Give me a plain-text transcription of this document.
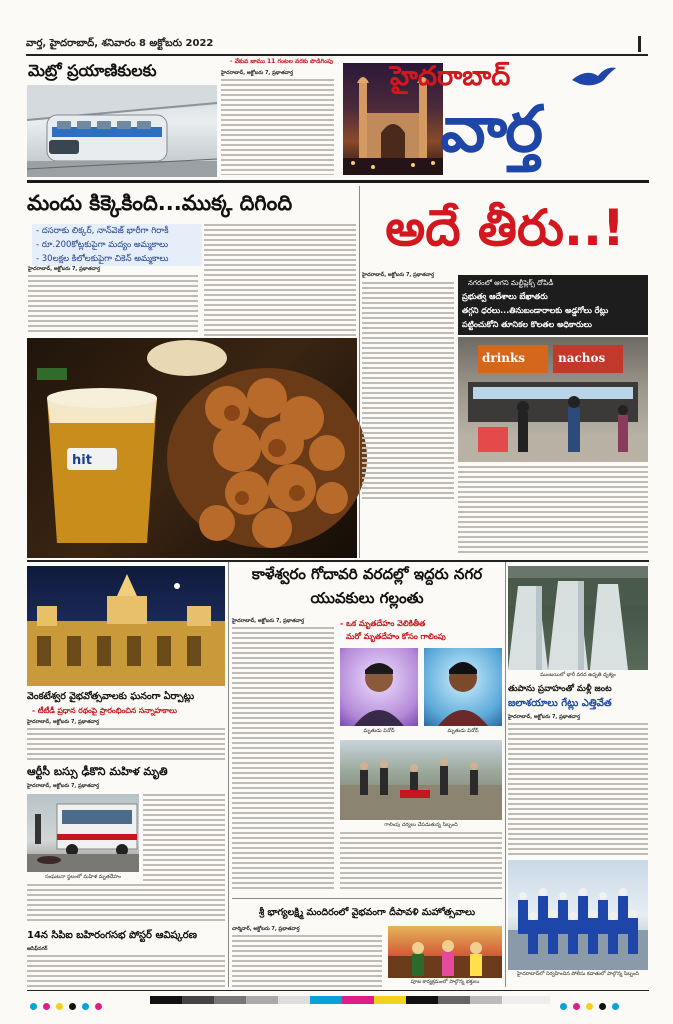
వార్త, హైదరాబాద్, శనివారం 8 అక్టోబరు 2022
మెట్రో ప్రయాణికులకు	- వేకువ జాము 11 గంటల వరకు పొడిగింపు
హైదరాబాద్, అక్టోబరు 7, ప్రభాతవార్త	హైదరాబాద్
వార్త
మందు కిక్కెకింది...ముక్క దిగింది
- దసరాకు లిక్కర్, నాన్‌వెజ్ భారీగా గిరాకీ
- రూ.200కోట్లకుపైగా మద్యం అమ్మకాలు
- 30లక్షల కిలోలకుపైగా చికెన్ అమ్మకాలు
హైదరాబాద్, అక్టోబరు 7, ప్రభాతవార్త
hit
అదే తీరు..!
హైదరాబాద్, అక్టోబరు 7, ప్రభాతవార్త
నగరంలో ఆగని మల్టీప్లెక్స్ దోపిడీ
ప్రభుత్వ ఆదేశాలు బేఖాతరు
తగ్గని ధరలు...తినుబండారాలకు అడ్డగోలు రేట్లు
పట్టించుకోని తూనికల కొలతల అధికారులు
drinks	nachos
వెంకటేశ్వర వైభవోత్సవాలకు ఘనంగా ఏర్పాట్లు
- టీటీడీ ప్రధాన రథంపై ప్రారంభించిన సన్నాహకాలు
హైదరాబాద్, అక్టోబరు 7, ప్రభాతవార్త
ఆర్టీసీ బస్సు ఢీకొని మహిళ మృతి
హైదరాబాద్, అక్టోబరు 7, ప్రభాతవార్త
సంఘటనా స్థలంలో మహిళ మృతదేహం
14న సిపిఐ బహిరంగసభ పోస్టర్ ఆవిష్కరణ
ఆసిఫ్‌నగర్
కాళేశ్వరం గోదావరి వరదల్లో ఇద్దరు నగర యువకులు గల్లంతు
- ఒక మృతదేహం వెలికితీత
మరో మృతదేహం కోసం గాలింపు
హైదరాబాద్, అక్టోబరు 7, ప్రభాతవార్త
మృతుడు వినోద్	మృతుడు వినోద్
గాలింపు చర్యలు చేపడుతున్న సిబ్బంది
శ్రీ భాగ్యలక్ష్మి మందిరంలో వైభవంగా దీపావళి మహోత్సవాలు
చార్మినార్, అక్టోబరు 7, ప్రభాతవార్త
పూజ కార్యక్రమంలో పాల్గొన్న భక్తులు
ముంబయిలో భారీ వరద ఉధృతి దృశ్యం
తుపాను ప్రవాహంతో మళ్లీ జంట
జలాశయాలు గేట్లు ఎత్తివేత
హైదరాబాద్, అక్టోబరు 7, ప్రభాతవార్త
హైదరాబాద్‌లో నిర్వహించిన పోలీసు కవాతులో పాల్గొన్న సిబ్బంది
